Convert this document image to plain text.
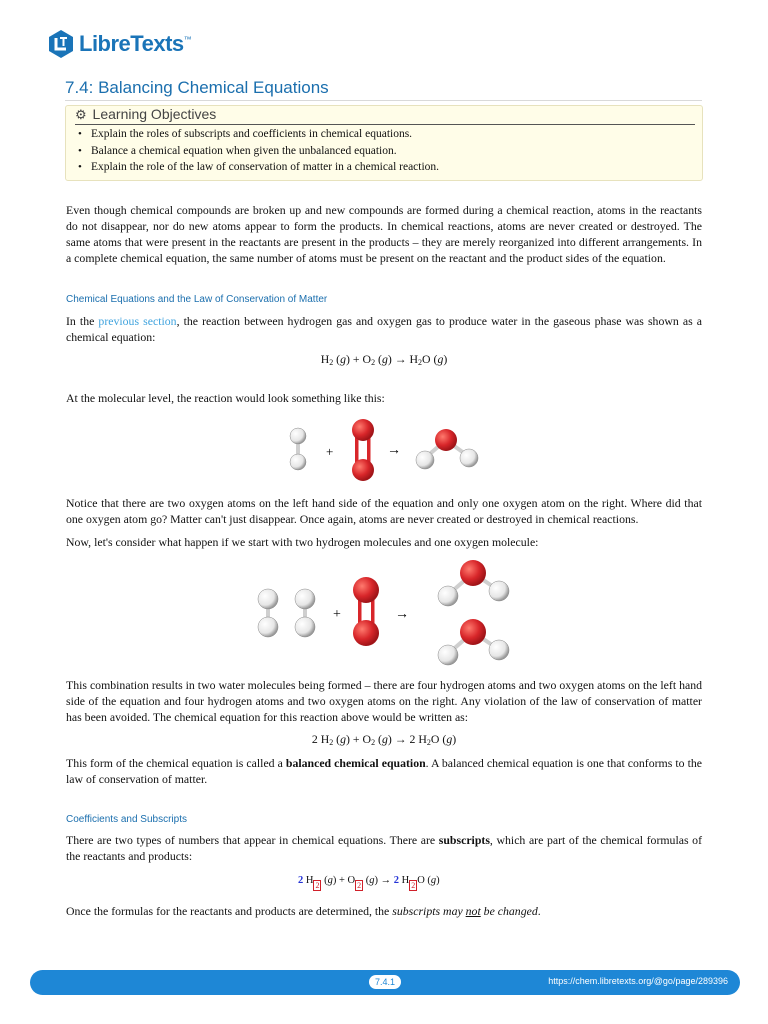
LibreTexts ™
7.4: Balancing Chemical Equations
⚙ Learning Objectives
• Explain the roles of subscripts and coefficients in chemical equations.
• Balance a chemical equation when given the unbalanced equation.
• Explain the role of the law of conservation of matter in a chemical reaction.

Even though chemical compounds are broken up and new compounds are formed during a chemical reaction, atoms in the reactants do not disappear, nor do new atoms appear to form the products. In chemical reactions, atoms are never created or destroyed. The same atoms that were present in the reactants are present in the products – they are merely reorganized into different arrangements. In a complete chemical equation, the same number of atoms must be present on the reactant and the product sides of the equation.

Chemical Equations and the Law of Conservation of Matter

In the previous section, the reaction between hydrogen gas and oxygen gas to produce water in the gaseous phase was shown as a chemical equation:

$H_2$ $(g) + O_2$ $(g) \to H_2O$ (g)

At the molecular level, the reaction would look something like this:

+	→

Notice that there are two oxygen atoms on the left hand side of the equation and only one oxygen atom on the right. Where did that one oxygen atom go? Matter can't just disappear. Once again, atoms are never created or destroyed in chemical reactions.

Now, let's consider what happen if we start with two hydrogen molecules and one oxygen molecule:

+	→

This combination results in two water molecules being formed – there are four hydrogen atoms and two oxygen atoms on the left hand side of the equation and four hydrogen atoms and two oxygen atoms on the right. Any violation of the law of conservation of matter has been avoided. The chemical equation for this reaction above would be written as:

2 $H_2$ $(g) + O_2$ (g) → 2 $H_2O$ (g)

This form of the chemical equation is called a balanced chemical equation. A balanced chemical equation is one that conforms to the law of conservation of matter.

Coefficients and Subscripts

There are two types of numbers that appear in chemical equations. There are subscripts, which are part of the chemical formulas of the reactants and products:

2 H 2 (g) + O 2 (g) → 2 H 2 O (g)

Once the formulas for the reactants and products are determined, the subscripts may not be changed.

7.4.1	https://chem.libretexts.org/@go/page/289396
